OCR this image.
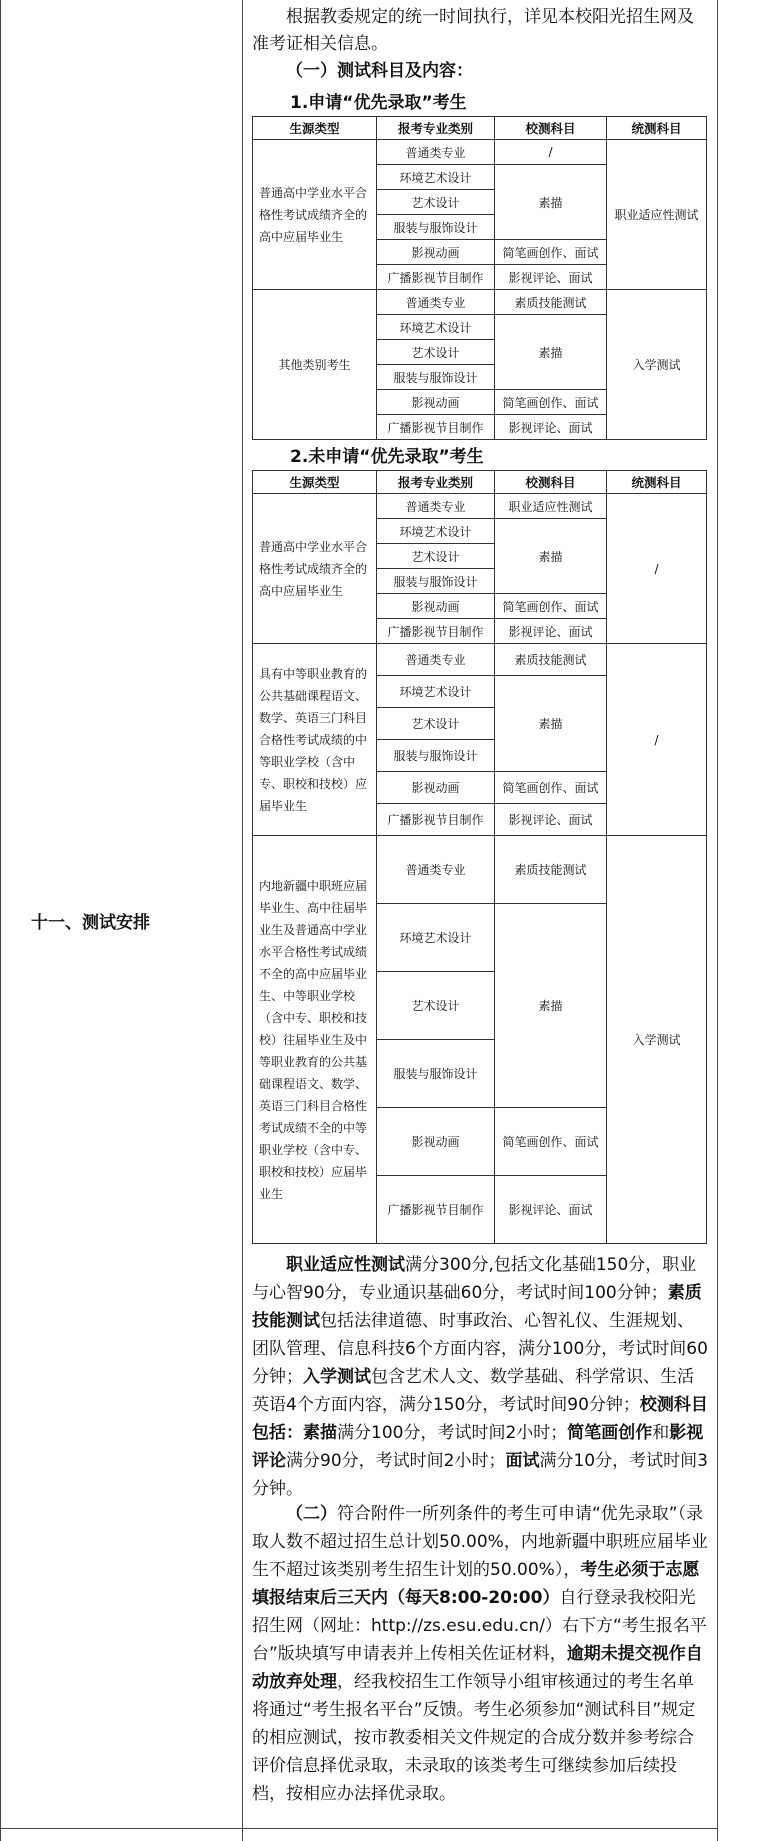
十一、测试安排

根据教委规定的统一时间执行，详见本校阳光招生网及准考证相关信息。

（一）测试科目及内容：

1.申请“优先录取”考生

生源类型	报考专业类别	校测科目	统测科目
普通高中学业水平合格性考试成绩齐全的高中应届毕业生	普通类专业	/	职业适应性测试
	环境艺术设计	素描	
	艺术设计		
	服装与服饰设计		
	影视动画	简笔画创作、面试	
	广播影视节目制作	影视评论、面试	
其他类别考生	普通类专业	素质技能测试	入学测试
	环境艺术设计	素描	
	艺术设计		
	服装与服饰设计		
	影视动画	简笔画创作、面试	
	广播影视节目制作	影视评论、面试	

2.未申请“优先录取”考生

生源类型	报考专业类别	校测科目	统测科目
普通高中学业水平合格性考试成绩齐全的高中应届毕业生	普通类专业	职业适应性测试	/
	环境艺术设计	素描	
	艺术设计		
	服装与服饰设计		
	影视动画	简笔画创作、面试	
	广播影视节目制作	影视评论、面试	
具有中等职业教育的公共基础课程语文、数学、英语三门科目合格性考试成绩的中等职业学校（含中专、职校和技校）应届毕业生	普通类专业	素质技能测试	/
	环境艺术设计	素描	
	艺术设计		
	服装与服饰设计		
	影视动画	简笔画创作、面试	
	广播影视节目制作	影视评论、面试	
内地新疆中职班应届毕业生、高中往届毕业生及普通高中学业水平合格性考试成绩不全的高中应届毕业生、中等职业学校（含中专、职校和技校）往届毕业生及中等职业教育的公共基础课程语文、数学、英语三门科目合格性考试成绩不全的中等职业学校（含中专、职校和技校）应届毕业生	普通类专业	素质技能测试	入学测试
	环境艺术设计	素描	
	艺术设计		
	服装与服饰设计		
	影视动画	简笔画创作、面试	
	广播影视节目制作	影视评论、面试	

职业适应性测试满分300分,包括文化基础150分，职业与心智90分，专业通识基础60分，考试时间100分钟；素质技能测试包括法律道德、时事政治、心智礼仪、生涯规划、团队管理、信息科技6个方面内容，满分100分，考试时间60分钟；入学测试包含艺术人文、数学基础、科学常识、生活英语4个方面内容，满分150分，考试时间90分钟；校测科目包括：素描满分100分，考试时间2小时；简笔画创作和影视评论满分90分，考试时间2小时；面试满分10分，考试时间3分钟。

（二）符合附件一所列条件的考生可申请“优先录取”（录取人数不超过招生总计划50.00%，内地新疆中职班应届毕业生不超过该类别考生招生计划的50.00%），考生必须于志愿填报结束后三天内（每天8:00-20:00）自行登录我校阳光招生网（网址：http://zs.esu.edu.cn/）右下方“考生报名平台”版块填写申请表并上传相关佐证材料，逾期未提交视作自动放弃处理，经我校招生工作领导小组审核通过的考生名单将通过“考生报名平台”反馈。考生必须参加“测试科目”规定的相应测试，按市教委相关文件规定的合成分数并参考综合评价信息择优录取，未录取的该类考生可继续参加后续投档，按相应办法择优录取。
